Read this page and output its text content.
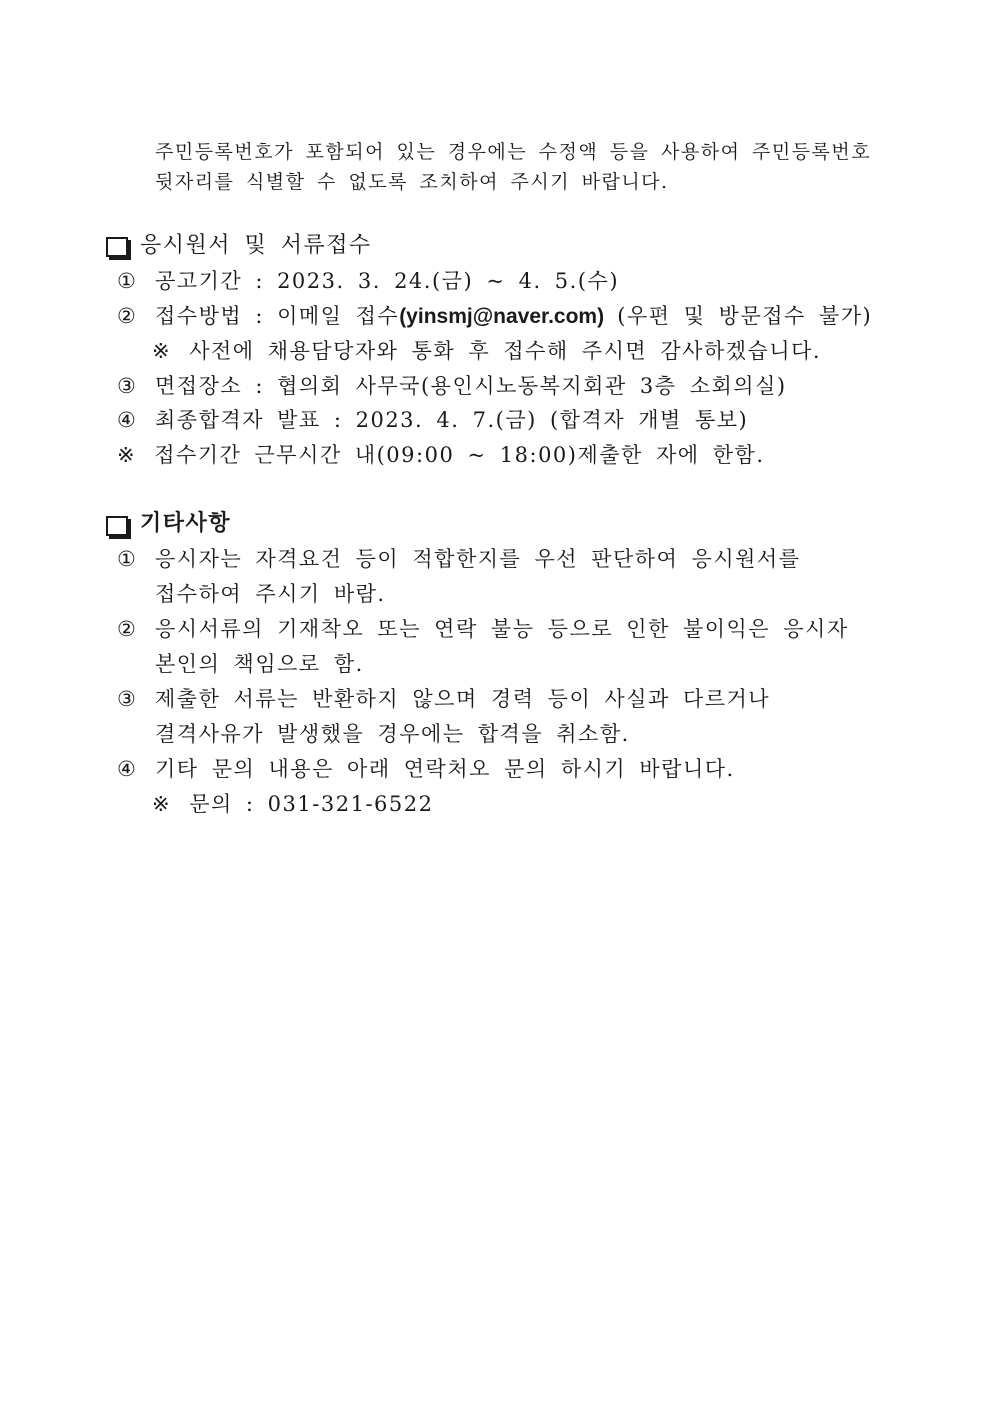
주민등록번호가 포함되어 있는 경우에는 수정액 등을 사용하여 주민등록번호
뒷자리를 식별할 수 없도록 조치하여 주시기 바랍니다.
응시원서 및 서류접수
① 공고기간 : 2023. 3. 24.(금) ~ 4. 5.(수)
② 접수방법 : 이메일 접수(yinsmj@naver.com) (우편 및 방문접수 불가)
※ 사전에 채용담당자와 통화 후 접수해 주시면 감사하겠습니다.
③ 면접장소 : 협의회 사무국(용인시노동복지회관 3층 소회의실)
④ 최종합격자 발표 : 2023. 4. 7.(금) (합격자 개별 통보)
※ 접수기간 근무시간 내(09:00 ~ 18:00)제출한 자에 한함.
기타사항
① 응시자는 자격요건 등이 적합한지를 우선 판단하여 응시원서를
접수하여 주시기 바람.
② 응시서류의 기재착오 또는 연락 불능 등으로 인한 불이익은 응시자
본인의 책임으로 함.
③ 제출한 서류는 반환하지 않으며 경력 등이 사실과 다르거나
결격사유가 발생했을 경우에는 합격을 취소함.
④ 기타 문의 내용은 아래 연락처오 문의 하시기 바랍니다.
※ 문의 : 031-321-6522
